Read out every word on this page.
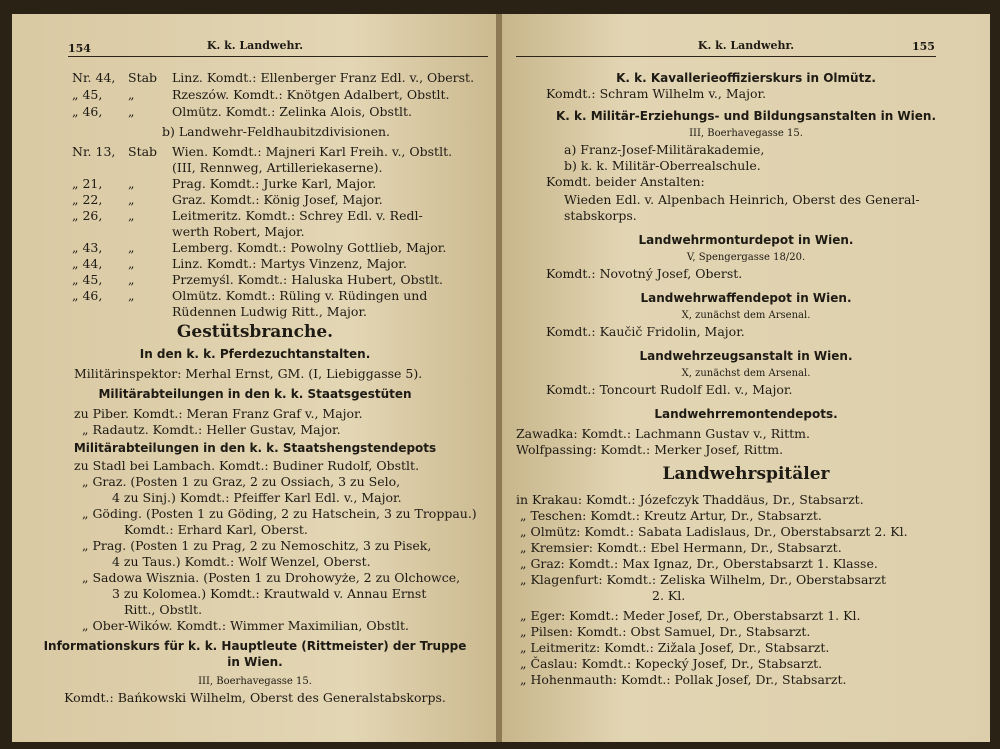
154	K. k. Landwehr.
Nr. 44, Stab Linz. Komdt.: Ellenberger Franz Edl. v., Oberst.
„ 45, „	Rzeszów. Komdt.: Knötgen Adalbert, Obstlt.
„ 46, „	Olmütz. Komdt.: Zelinka Alois, Obstlt.
b) Landwehr-Feldhaubitzdivisionen.
Nr. 13, Stab Wien. Komdt.: Majneri Karl Freih. v., Obstlt.
(III, Rennweg, Artilleriekaserne).
„ 21, „	Prag. Komdt.: Jurke Karl, Major.
„ 22, „	Graz. Komdt.: König Josef, Major.
„ 26, „	Leitmeritz. Komdt.: Schrey Edl. v. Redl-
werth Robert, Major.
„ 43, „	Lemberg. Komdt.: Powolny Gottlieb, Major.
„ 44, „	Linz. Komdt.: Martys Vinzenz, Major.
„ 45, „	Przemyśl. Komdt.: Haluska Hubert, Obstlt.
„ 46, „	Olmütz. Komdt.: Rüling v. Rüdingen und
Rüdennen Ludwig Ritt., Major.
Gestütsbranche.
In den k. k. Pferdezuchtanstalten.
Militärinspektor: Merhal Ernst, GM. (I, Liebiggasse 5).
Militärabteilungen in den k. k. Staatsgestüten
zu Piber. Komdt.: Meran Franz Graf v., Major.
„ Radautz. Komdt.: Heller Gustav, Major.
Militärabteilungen in den k. k. Staatshengstendepots
zu Stadl bei Lambach. Komdt.: Budiner Rudolf, Obstlt.
„ Graz. (Posten 1 zu Graz, 2 zu Ossiach, 3 zu Selo,
4 zu Sinj.) Komdt.: Pfeiffer Karl Edl. v., Major.
„ Göding. (Posten 1 zu Göding, 2 zu Hatschein, 3 zu Troppau.)
Komdt.: Erhard Karl, Oberst.
„ Prag. (Posten 1 zu Prag, 2 zu Nemoschitz, 3 zu Pisek,
4 zu Taus.) Komdt.: Wolf Wenzel, Oberst.
„ Sadowa Wisznia. (Posten 1 zu Drohowyże, 2 zu Olchowce,
3 zu Kolomea.) Komdt.: Krautwald v. Annau Ernst
Ritt., Obstlt.
„ Ober-Wików. Komdt.: Wimmer Maximilian, Obstlt.
Informationskurs für k. k. Hauptleute (Rittmeister) der Truppe
in Wien.
III, Boerhavegasse 15.
Komdt.: Bańkowski Wilhelm, Oberst des Generalstabskorps.
155
K. k. Landwehr.
K. k. Kavallerieoffizierskurs in Olmütz.
Komdt.: Schram Wilhelm v., Major.
K. k. Militär-Erziehungs- und Bildungsanstalten in Wien.
III, Boerhavegasse 15.
a) Franz-Josef-Militärakademie,
b) k. k. Militär-Oberrealschule.
Komdt. beider Anstalten:
Wieden Edl. v. Alpenbach Heinrich, Oberst des General-
stabskorps.
Landwehrmonturdepot in Wien.
V, Spengergasse 18/20.
Komdt.: Novotný Josef, Oberst.
Landwehrwaffendepot in Wien.
X, zunächst dem Arsenal.
Komdt.: Kaučič Fridolin, Major.
Landwehrzeugsanstalt in Wien.
X, zunächst dem Arsenal.
Komdt.: Toncourt Rudolf Edl. v., Major.
Landwehrremontendepots.
Zawadka: Komdt.: Lachmann Gustav v., Rittm.
Wolfpassing: Komdt.: Merker Josef, Rittm.
Landwehrspitäler
in Krakau: Komdt.: Józefczyk Thaddäus, Dr., Stabsarzt.
„ Teschen: Komdt.: Kreutz Artur, Dr., Stabsarzt.
„ Olmütz: Komdt.: Sabata Ladislaus, Dr., Oberstabsarzt 2. Kl.
„ Kremsier: Komdt.: Ebel Hermann, Dr., Stabsarzt.
„ Graz: Komdt.: Max Ignaz, Dr., Oberstabsarzt 1. Klasse.
„ Klagenfurt: Komdt.: Zeliska Wilhelm, Dr., Oberstabsarzt
2. Kl.
„ Eger: Komdt.: Meder Josef, Dr., Oberstabsarzt 1. Kl.
„ Pilsen: Komdt.: Obst Samuel, Dr., Stabsarzt.
„ Leitmeritz: Komdt.: Zižala Josef, Dr., Stabsarzt.
„ Časlau: Komdt.: Kopecký Josef, Dr., Stabsarzt.
„ Hohenmauth: Komdt.: Pollak Josef, Dr., Stabsarzt.
